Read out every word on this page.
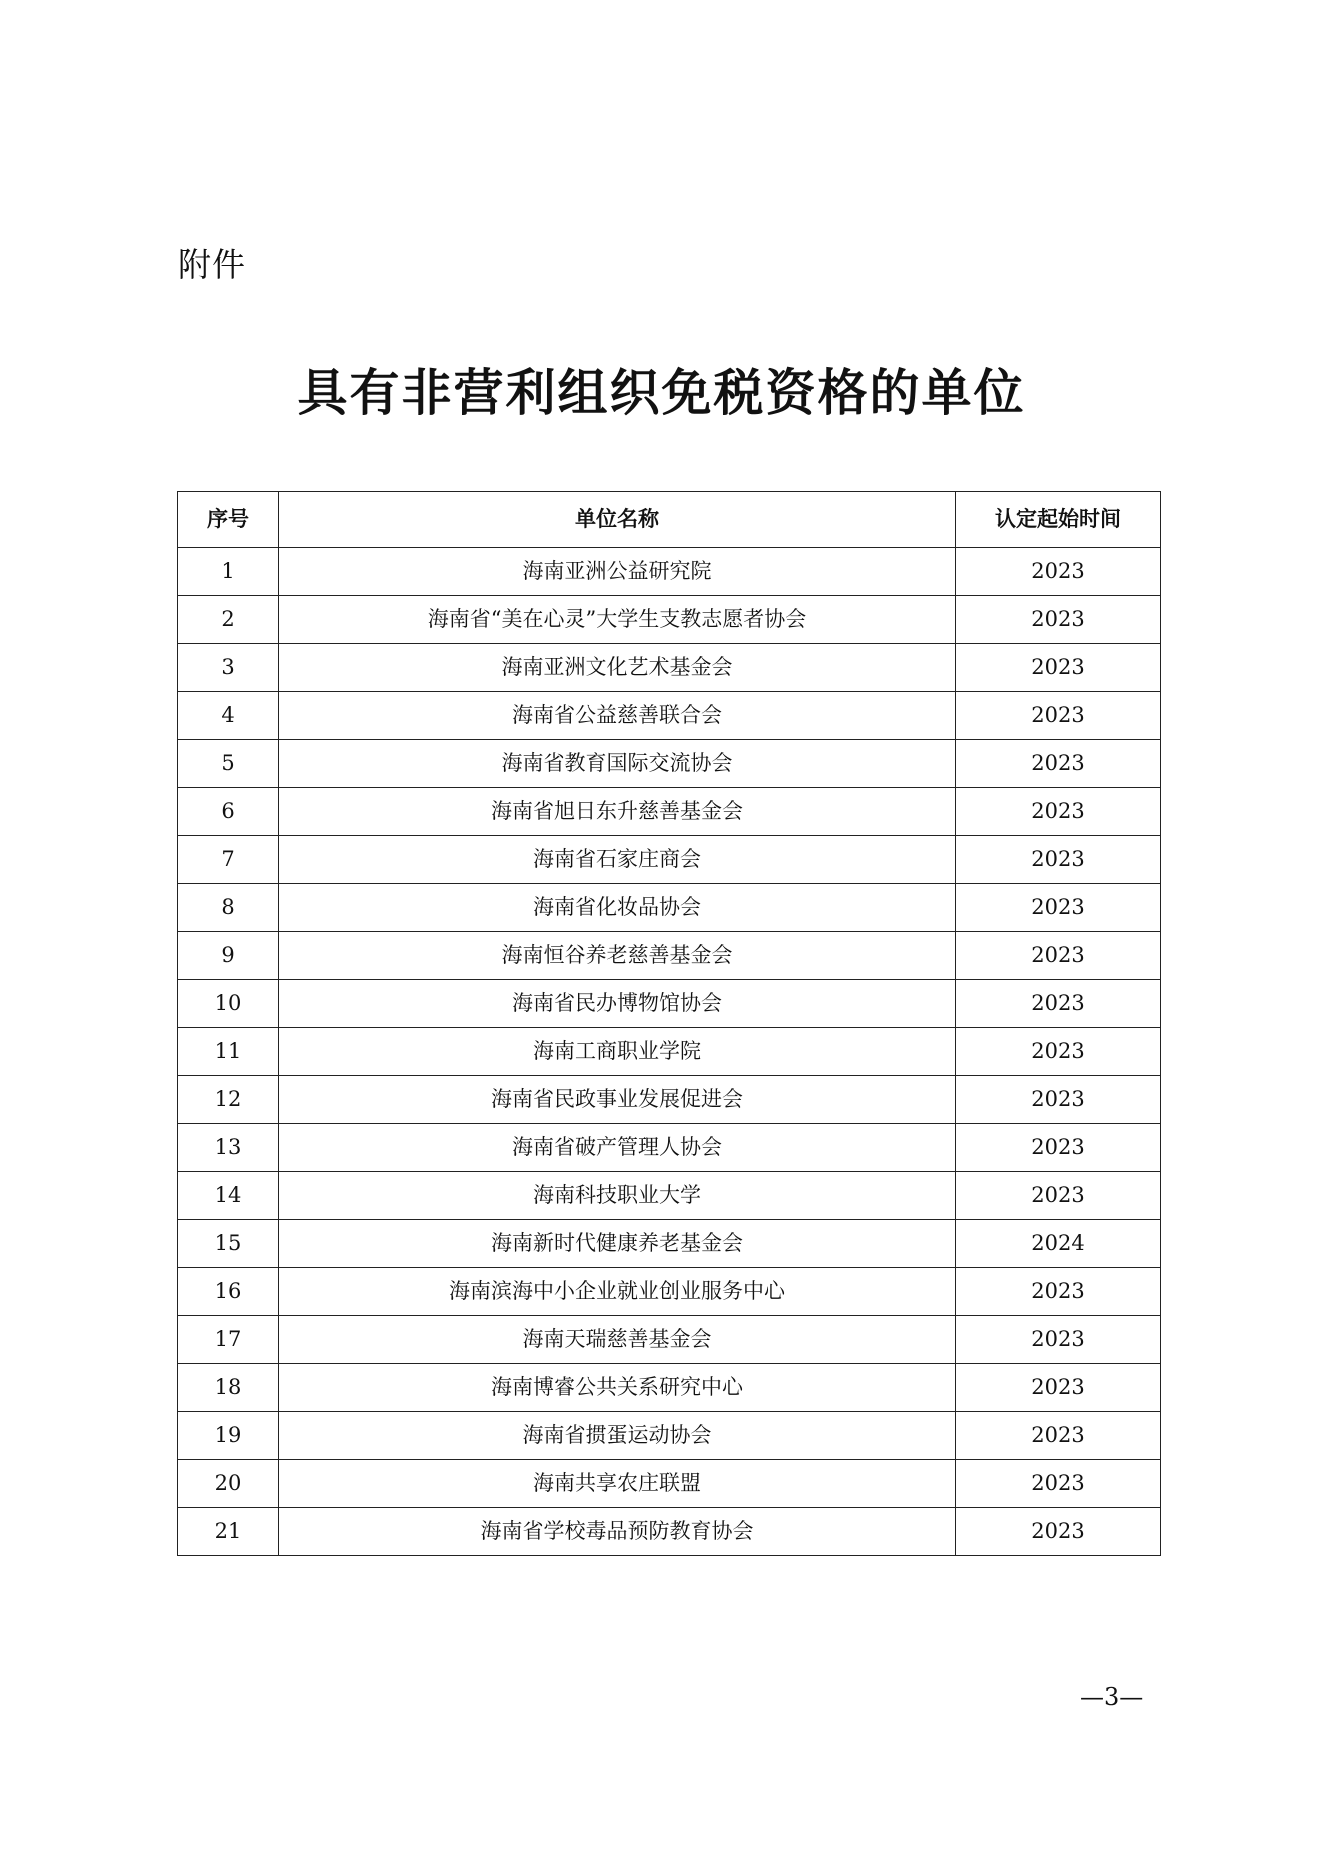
附件
具有非营利组织免税资格的单位
序号	单位名称	认定起始时间
1	海南亚洲公益研究院	2023
2	海南省“美在心灵”大学生支教志愿者协会	2023
3	海南亚洲文化艺术基金会	2023
4	海南省公益慈善联合会	2023
5	海南省教育国际交流协会	2023
6	海南省旭日东升慈善基金会	2023
7	海南省石家庄商会	2023
8	海南省化妆品协会	2023
9	海南恒谷养老慈善基金会	2023
10	海南省民办博物馆协会	2023
11	海南工商职业学院	2023
12	海南省民政事业发展促进会	2023
13	海南省破产管理人协会	2023
14	海南科技职业大学	2023
15	海南新时代健康养老基金会	2024
16	海南滨海中小企业就业创业服务中心	2023
17	海南天瑞慈善基金会	2023
18	海南博睿公共关系研究中心	2023
19	海南省掼蛋运动协会	2023
20	海南共享农庄联盟	2023
21	海南省学校毒品预防教育协会	2023
—3—
